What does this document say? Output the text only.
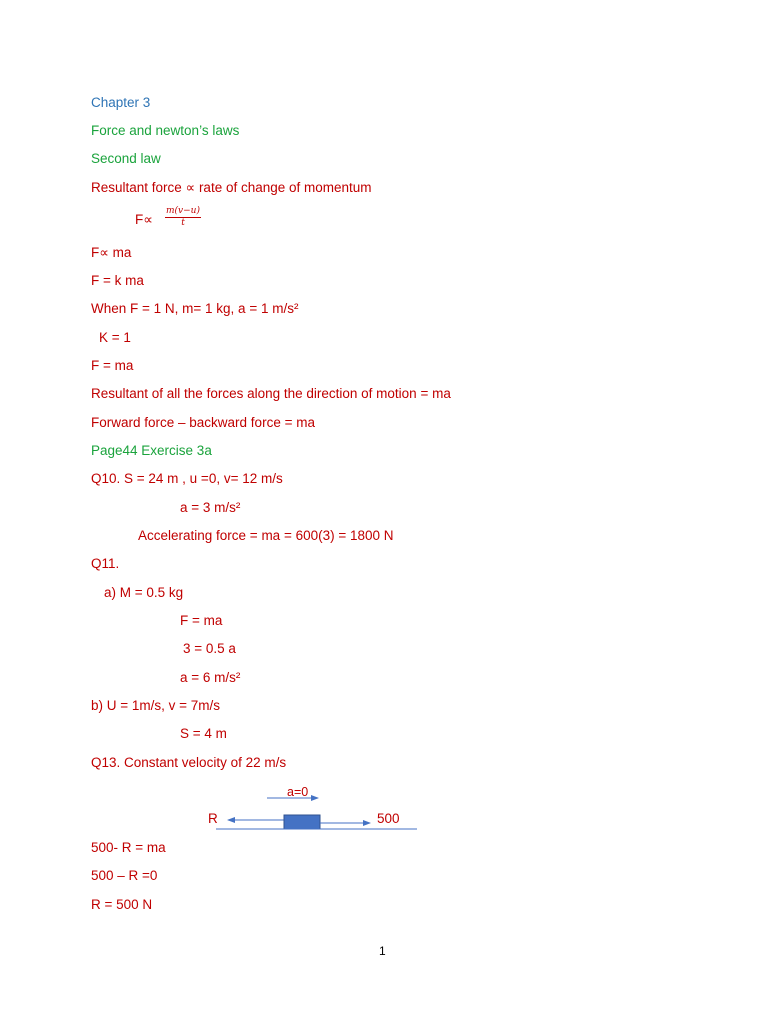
Chapter 3
Force and newton’s laws
Second law
Resultant force ∝ rate of change of momentum
$F\propto \frac{m(v-u)}{t}$
F∝ ma
F = k ma
When F = 1 N, m= 1 kg, a = 1 m/s²
K = 1
F = ma
Resultant of all the forces along the direction of motion = ma
Forward force – backward force = ma
Page44 Exercise 3a
Q10. S = 24 m , u =0, v= 12 m/s
a = 3 m/s²
Accelerating force = ma = 600(3) = 1800 N
Q11.
a) M = 0.5 kg
F = ma
3 = 0.5 a
a = 6 m/s²
b) U = 1m/s, v = 7m/s
S = 4 m
Q13. Constant velocity of 22 m/s
a=0
R	500
500- R = ma
500 – R =0
R = 500 N
1
